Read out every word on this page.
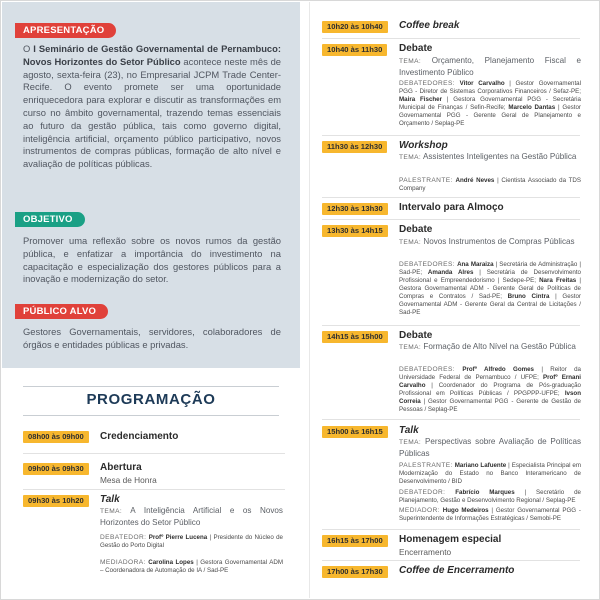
APRESENTAÇÃO
O I Seminário de Gestão Governamental de Pernambuco: Novos Horizontes do Setor Público acontece neste mês de agosto, sexta-feira (23), no Empresarial JCPM Trade Center-Recife. O evento promete ser uma oportunidade enriquecedora para explorar e discutir as transformações em curso no âmbito governamental, trazendo temas essenciais ao futuro da gestão pública, tais como governo digital, inteligência artificial, orçamento público participativo, novos instrumentos de compras públicas, formação de alto nível e avaliação de políticas públicas.
OBJETIVO
Promover uma reflexão sobre os novos rumos da gestão pública, e enfatizar a importância do investimento na capacitação e especialização dos gestores públicos para a inovação e modernização do setor.
PÚBLICO ALVO
Gestores Governamentais, servidores, colaboradores de órgãos e entidades públicas e privadas.
PROGRAMAÇÃO
08h00 às 09h00	Credenciamento
09h00 às 09h30	Abertura
Mesa de Honra
09h30 às 10h20	Talk
TEMA: A Inteligência Artificial e os Novos Horizontes do Setor Público
DEBATEDOR: Profº Pierre Lucena | Presidente do Núcleo de Gestão do Porto Digital
MEDIADORA: Carolina Lopes | Gestora Governamental ADM – Coordenadora de Automação de IA / Sad-PE
10h20 às 10h40	Coffee break
10h40 às 11h30	Debate
TEMA: Orçamento, Planejamento Fiscal e Investimento Público
DEBATEDORES: Vitor Carvalho | Gestor Governamental PGG - Diretor de Sistemas Corporativos Financeiros / Sefaz-PE; Maira Fischer | Gestora Governamental PGG - Secretária Municipal de Finanças / Sefin-Recife; Marcelo Dantas | Gestor Governamental PGG - Gerente Geral de Planejamento e Orçamento / Seplag-PE
11h30 às 12h30	Workshop
TEMA: Assistentes Inteligentes na Gestão Pública
PALESTRANTE: André Neves | Cientista Associado da TDS Company
12h30 às 13h30	Intervalo para Almoço
13h30 às 14h15	Debate
TEMA: Novos Instrumentos de Compras Públicas
DEBATEDORES: Ana Maraiza | Secretária de Administração | Sad-PE; Amanda Alres | Secretária de Desenvolvimento Profissional e Empreendedorismo | Sedepe-PE; Nara Freitas | Gestora Governamental ADM - Gerente Geral de Políticas de Compras e Contratos / Sad-PE; Bruno Cintra | Gestor Governamental ADM - Gerente Geral da Central de Licitações / Sad-PE
14h15 às 15h00	Debate
TEMA: Formação de Alto Nível na Gestão Pública
DEBATEDORES: Profº Alfredo Gomes | Reitor da Universidade Federal de Pernambuco / UFPE; Profº Ernani Carvalho | Coordenador do Programa de Pós-graduação Profissional em Políticas Públicas / PPGPPP-UFPE; Ivson Correia | Gestor Governamental PGG - Gerente de Gestão de Pessoas / Seplag-PE
15h00 às 16h15	Talk
TEMA: Perspectivas sobre Avaliação de Políticas Públicas
PALESTRANTE: Mariano Lafuente | Especialista Principal em Modernização do Estado no Banco Interamericano de Desenvolvimento / BID
DEBATEDOR: Fabrício Marques | Secretário de Planejamento, Gestão e Desenvolvimento Regional / Seplag-PE
MEDIADOR: Hugo Medeiros | Gestor Governamental PGG - Superintendente de Informações Estratégicas / Semobi-PE
16h15 às 17h00	Homenagem especial
Encerramento
17h00 às 17h30	Coffee de Encerramento
